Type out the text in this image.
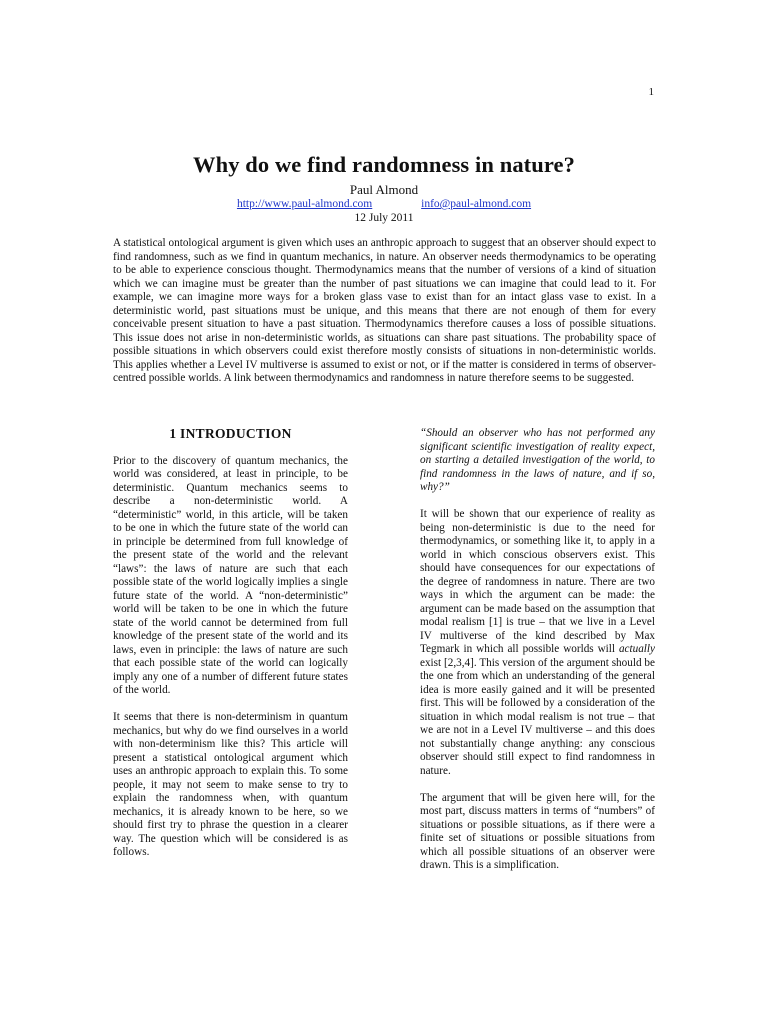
1
Why do we find randomness in nature?
Paul Almond
http://www.paul-almond.com	info@paul-almond.com
12 July 2011

A statistical ontological argument is given which uses an anthropic approach to suggest that an observer should expect to find randomness, such as we find in quantum mechanics, in nature. An observer needs thermodynamics to be operating to be able to experience conscious thought. Thermodynamics means that the number of versions of a kind of situation which we can imagine must be greater than the number of past situations we can imagine that could lead to it. For example, we can imagine more ways for a broken glass vase to exist than for an intact glass vase to exist. In a deterministic world, past situations must be unique, and this means that there are not enough of them for every conceivable present situation to have a past situation. Thermodynamics therefore causes a loss of possible situations. This issue does not arise in non-deterministic worlds, as situations can share past situations. The probability space of possible situations in which observers could exist therefore mostly consists of situations in non-deterministic worlds. This applies whether a Level IV multiverse is assumed to exist or not, or if the matter is considered in terms of observer-centred possible worlds. A link between thermodynamics and randomness in nature therefore seems to be suggested.

1 INTRODUCTION

Prior to the discovery of quantum mechanics, the world was considered, at least in principle, to be deterministic. Quantum mechanics seems to describe a non-deterministic world. A “deterministic” world, in this article, will be taken to be one in which the future state of the world can in principle be determined from full knowledge of the present state of the world and the relevant “laws”: the laws of nature are such that each possible state of the world logically implies a single future state of the world. A “non-deterministic” world will be taken to be one in which the future state of the world cannot be determined from full knowledge of the present state of the world and its laws, even in principle: the laws of nature are such that each possible state of the world can logically imply any one of a number of different future states of the world.

It seems that there is non-determinism in quantum mechanics, but why do we find ourselves in a world with non-determinism like this? This article will present a statistical ontological argument which uses an anthropic approach to explain this. To some people, it may not seem to make sense to try to explain the randomness when, with quantum mechanics, it is already known to be here, so we should first try to phrase the question in a clearer way. The question which will be considered is as follows.

“Should an observer who has not performed any significant scientific investigation of reality expect, on starting a detailed investigation of the world, to find randomness in the laws of nature, and if so, why?”

It will be shown that our experience of reality as being non-deterministic is due to the need for thermodynamics, or something like it, to apply in a world in which conscious observers exist. This should have consequences for our expectations of the degree of randomness in nature. There are two ways in which the argument can be made: the argument can be made based on the assumption that modal realism [1] is true – that we live in a Level IV multiverse of the kind described by Max Tegmark in which all possible worlds will actually exist [2,3,4]. This version of the argument should be the one from which an understanding of the general idea is more easily gained and it will be presented first. This will be followed by a consideration of the situation in which modal realism is not true – that we are not in a Level IV multiverse – and this does not substantially change anything: any conscious observer should still expect to find randomness in nature.

The argument that will be given here will, for the most part, discuss matters in terms of “numbers” of situations or possible situations, as if there were a finite set of situations or possible situations from which all possible situations of an observer were drawn. This is a simplification.
